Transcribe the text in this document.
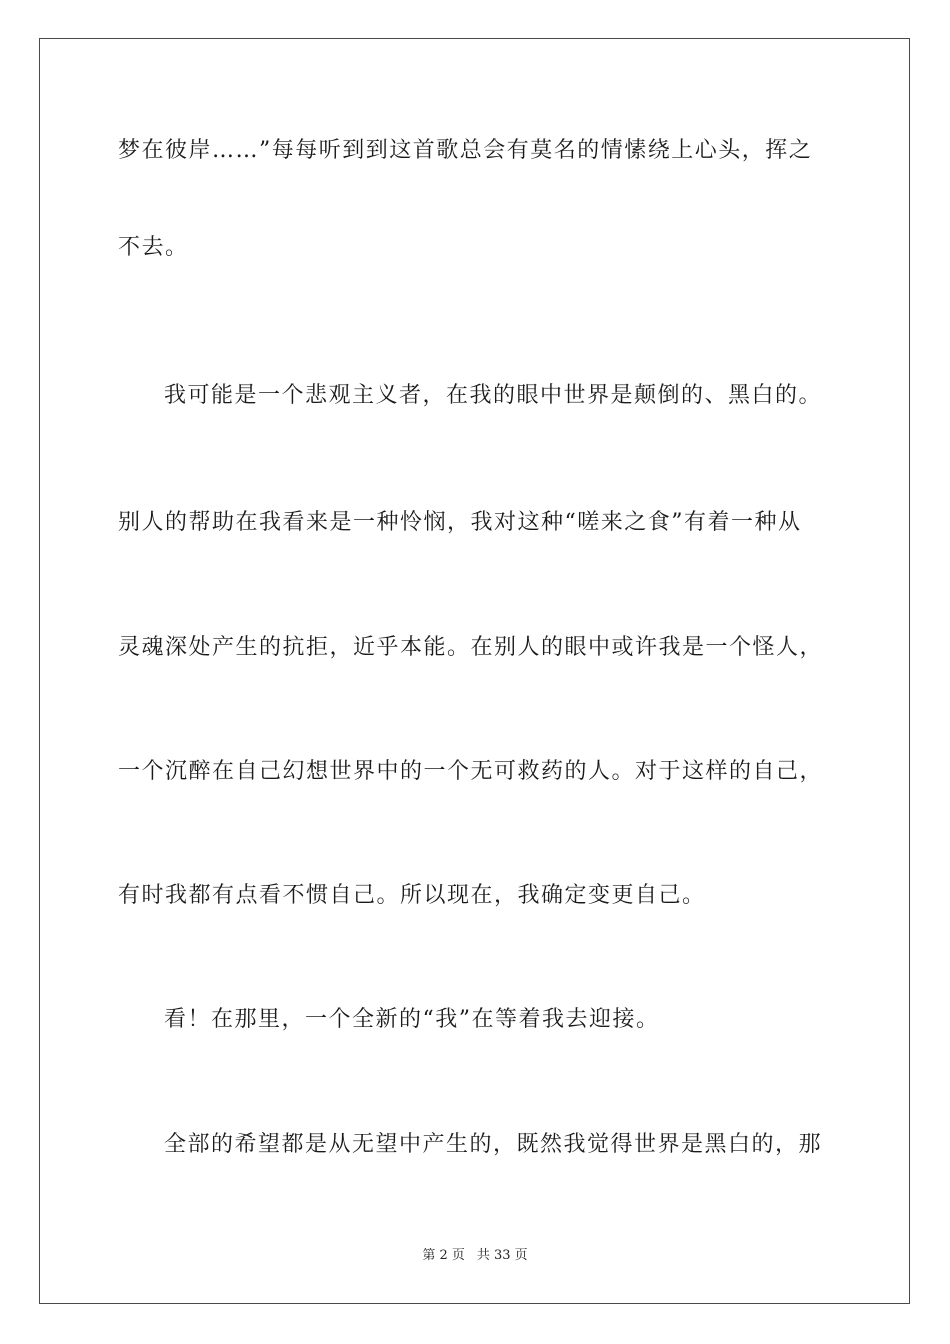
梦在彼岸……”每每听到到这首歌总会有莫名的情愫绕上心头，挥之
不去。
我可能是一个悲观主义者，在我的眼中世界是颠倒的、黑白的。
别人的帮助在我看来是一种怜悯，我对这种“嗟来之食”有着一种从
灵魂深处产生的抗拒，近乎本能。在别人的眼中或许我是一个怪人，
一个沉醉在自己幻想世界中的一个无可救药的人。对于这样的自己，
有时我都有点看不惯自己。所以现在，我确定变更自己。
看！在那里，一个全新的“我”在等着我去迎接。
全部的希望都是从无望中产生的，既然我觉得世界是黑白的，那
第 2 页 共 33 页
